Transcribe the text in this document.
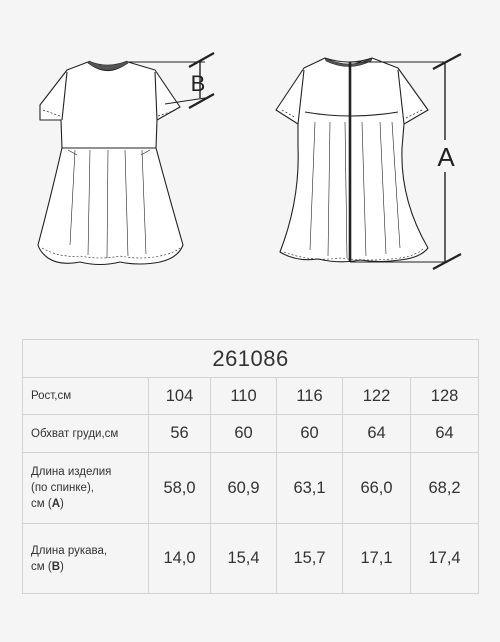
B
A
261086					
Рост,см	104	110	116	122	128
Обхват груди,см	56	60	60	64	64
Длина изделия
(по спинке),
см (A)	58,0	60,9	63,1	66,0	68,2
Длина рукава,
см (B)	14,0	15,4	15,7	17,1	17,4
